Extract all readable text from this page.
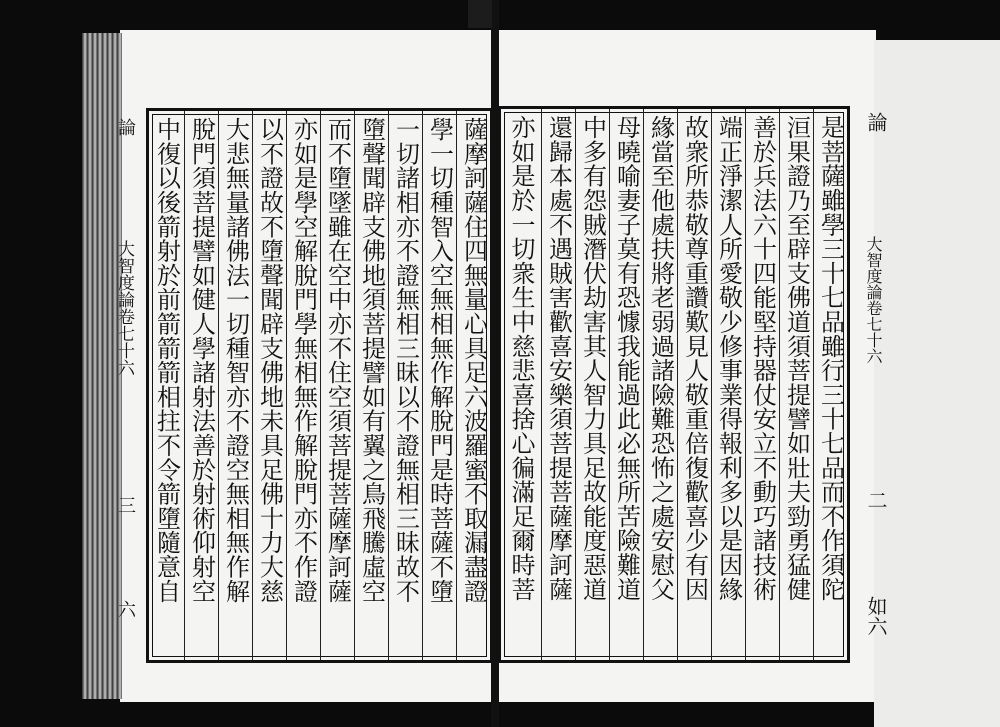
論
大智度論卷七十六
三
六
薩摩訶薩住四無量心具足六波羅蜜不取漏盡證
學一切種智入空無相無作解脫門是時菩薩不墮
一切諸相亦不證無相三昧以不證無相三昧故不
墮聲聞辟支佛地須菩提譬如有翼之鳥飛騰虛空
而不墮墜雖在空中亦不住空須菩提菩薩摩訶薩
亦如是學空解脫門學無相無作解脫門亦不作證
以不證故不墮聲聞辟支佛地未具足佛十力大慈
大悲無量諸佛法一切種智亦不證空無相無作解
脫門須菩提譬如健人學諸射法善於射術仰射空
中復以後箭射於前箭箭箭相拄不令箭墮隨意自	是菩薩雖學三十七品雖行三十七品而不作須陀
洹果證乃至辟支佛道須菩提譬如壯夫勁勇猛健
善於兵法六十四能堅持器仗安立不動巧諸技術
端正淨潔人所愛敬少修事業得報利多以是因緣
故衆所恭敬尊重讚歎見人敬重倍復歡喜少有因
緣當至他處扶將老弱過諸險難恐怖之處安慰父
母曉喻妻子莫有恐懅我能過此必無所苦險難道
中多有怨賊潛伏劫害其人智力具足故能度惡道
還歸本處不遇賊害歡喜安樂須菩提菩薩摩訶薩
亦如是於一切衆生中慈悲喜捨心徧滿足爾時菩	論
大智度論卷七十六
二
如六
